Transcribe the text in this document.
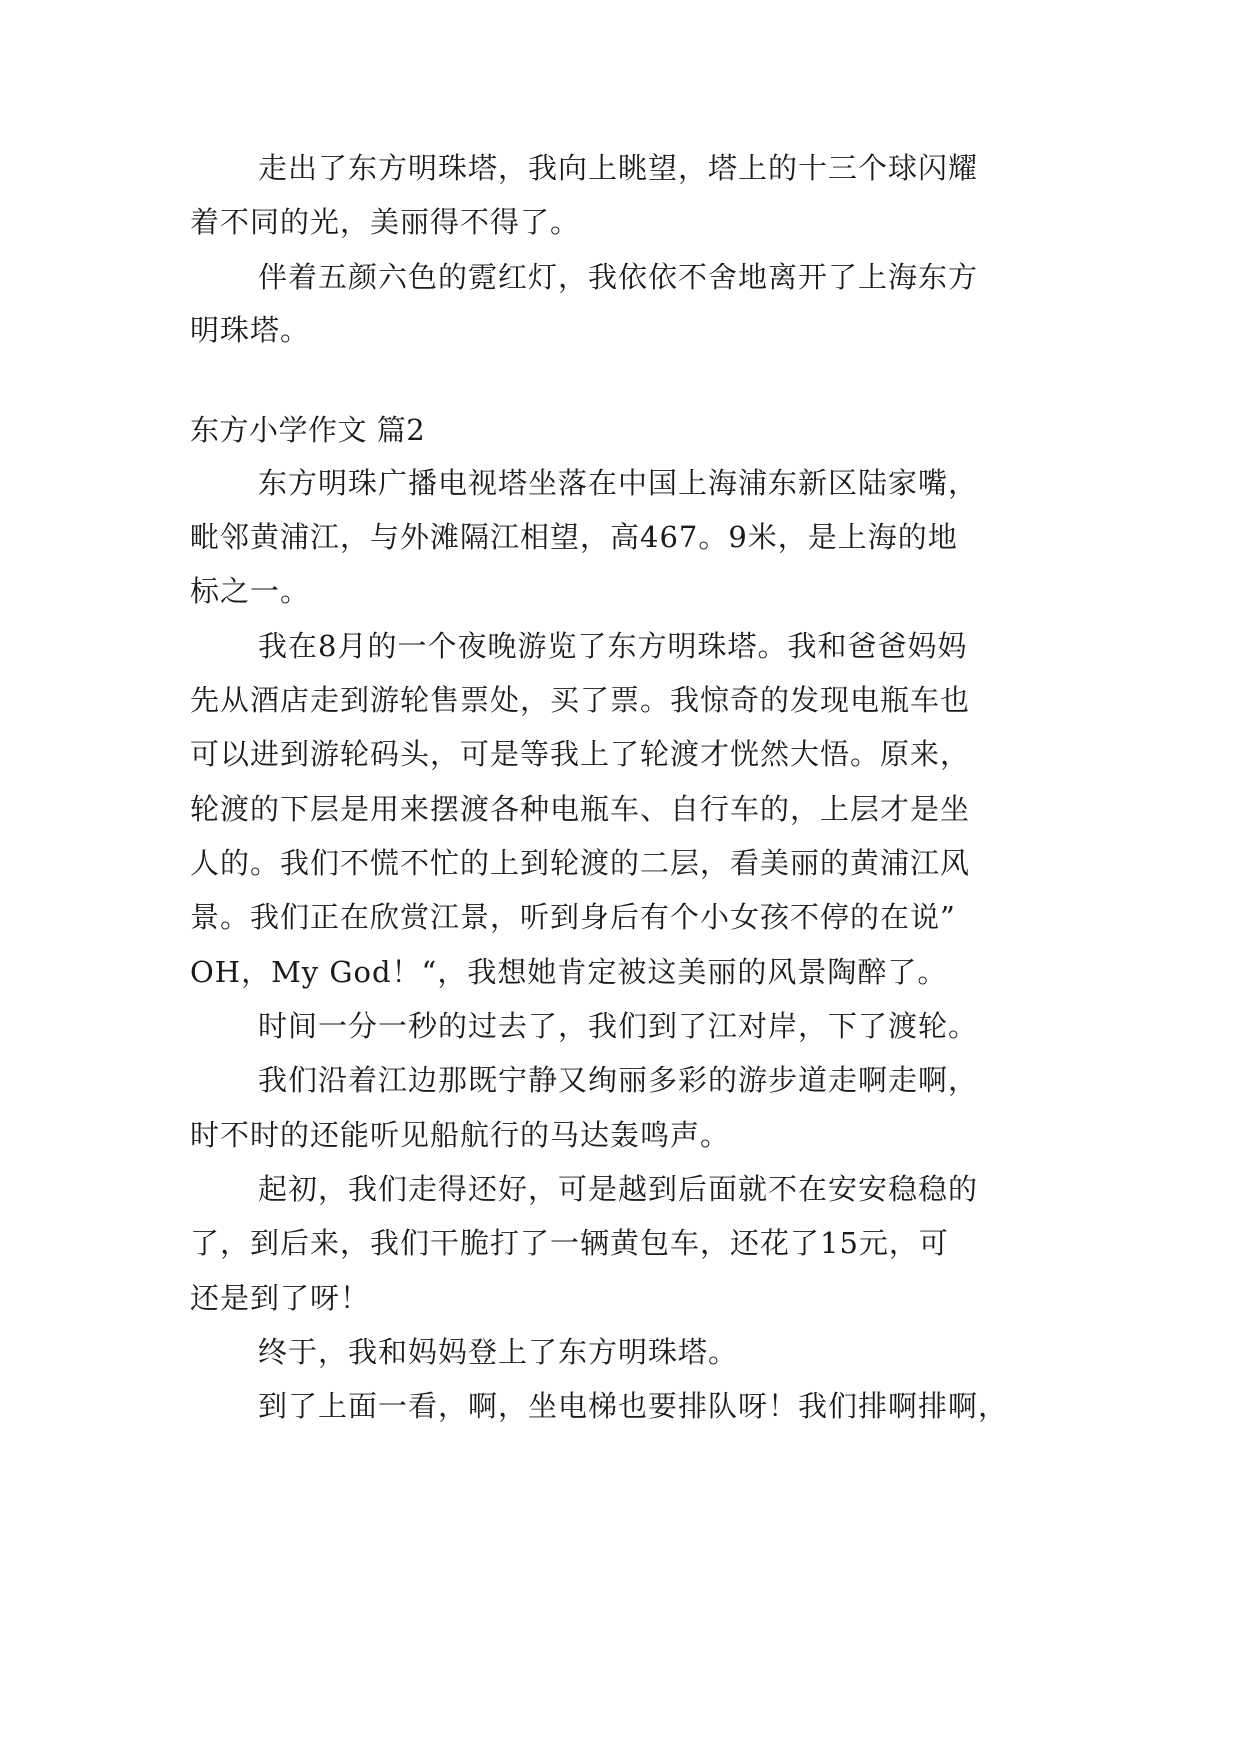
走出了东方明珠塔，我向上眺望，塔上的十三个球闪耀
着不同的光，美丽得不得了。
伴着五颜六色的霓红灯，我依依不舍地离开了上海东方
明珠塔。
东方小学作文 篇2
东方明珠广播电视塔坐落在中国上海浦东新区陆家嘴，
毗邻黄浦江，与外滩隔江相望，高467。9米，是上海的地
标之一。
我在8月的一个夜晚游览了东方明珠塔。我和爸爸妈妈
先从酒店走到游轮售票处，买了票。我惊奇的发现电瓶车也
可以进到游轮码头，可是等我上了轮渡才恍然大悟。原来，
轮渡的下层是用来摆渡各种电瓶车、自行车的，上层才是坐
人的。我们不慌不忙的上到轮渡的二层，看美丽的黄浦江风
景。我们正在欣赏江景，听到身后有个小女孩不停的在说”
OH，My God！“，我想她肯定被这美丽的风景陶醉了。
时间一分一秒的过去了，我们到了江对岸，下了渡轮。
我们沿着江边那既宁静又绚丽多彩的游步道走啊走啊，
时不时的还能听见船航行的马达轰鸣声。
起初，我们走得还好，可是越到后面就不在安安稳稳的
了，到后来，我们干脆打了一辆黄包车，还花了15元，可
还是到了呀！
终于，我和妈妈登上了东方明珠塔。
到了上面一看，啊，坐电梯也要排队呀！我们排啊排啊，
